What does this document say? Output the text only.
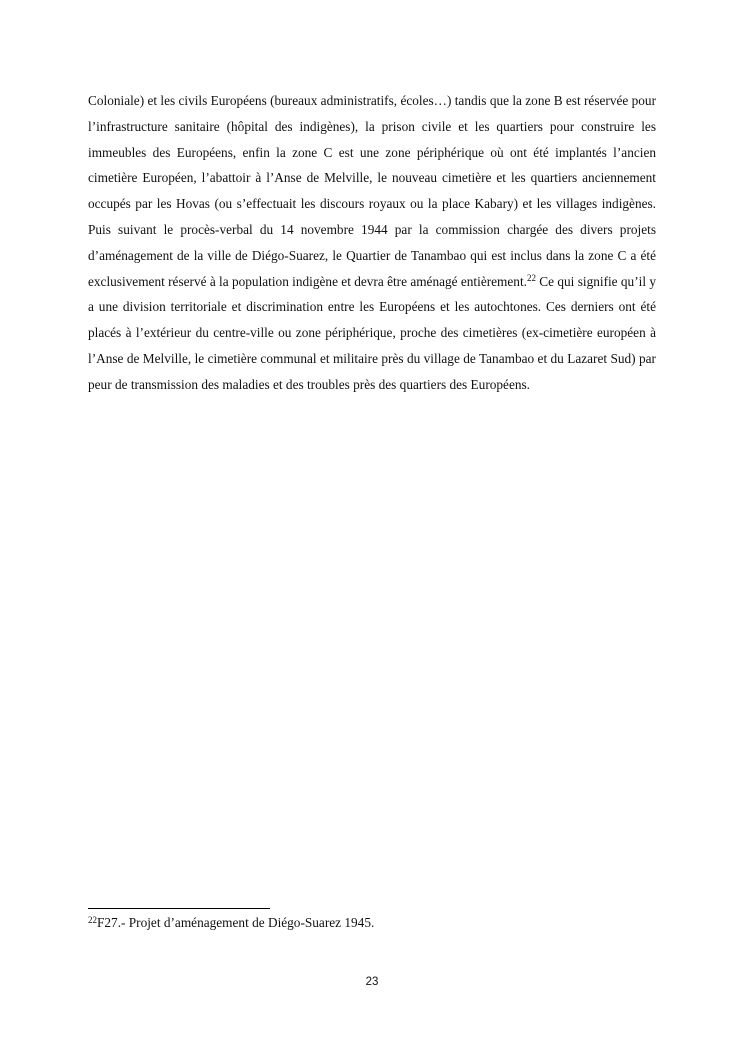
Coloniale) et les civils Européens (bureaux administratifs, écoles…) tandis que la zone B est réservée pour l’infrastructure sanitaire (hôpital des indigènes), la prison civile et les quartiers pour construire les immeubles des Européens, enfin la zone C est une zone périphérique où ont été implantés l’ancien cimetière Européen, l’abattoir à l’Anse de Melville, le nouveau cimetière et les quartiers anciennement occupés par les Hovas (ou s’effectuait les discours royaux ou la place Kabary) et les villages indigènes. Puis suivant le procès-verbal du 14 novembre 1944 par la commission chargée des divers projets d’aménagement de la ville de Diégo-Suarez, le Quartier de Tanambao qui est inclus dans la zone C a été exclusivement réservé à la population indigène et devra être aménagé entièrement.$^{22}$ Ce qui signifie qu’il y a une division territoriale et discrimination entre les Européens et les autochtones. Ces derniers ont été placés à l’extérieur du centre-ville ou zone périphérique, proche des cimetières (ex-cimetière européen à l’Anse de Melville, le cimetière communal et militaire près du village de Tanambao et du Lazaret Sud) par peur de transmission des maladies et des troubles près des quartiers des Européens.

$^{22}$F27.- Projet d’aménagement de Diégo-Suarez 1945.

23
